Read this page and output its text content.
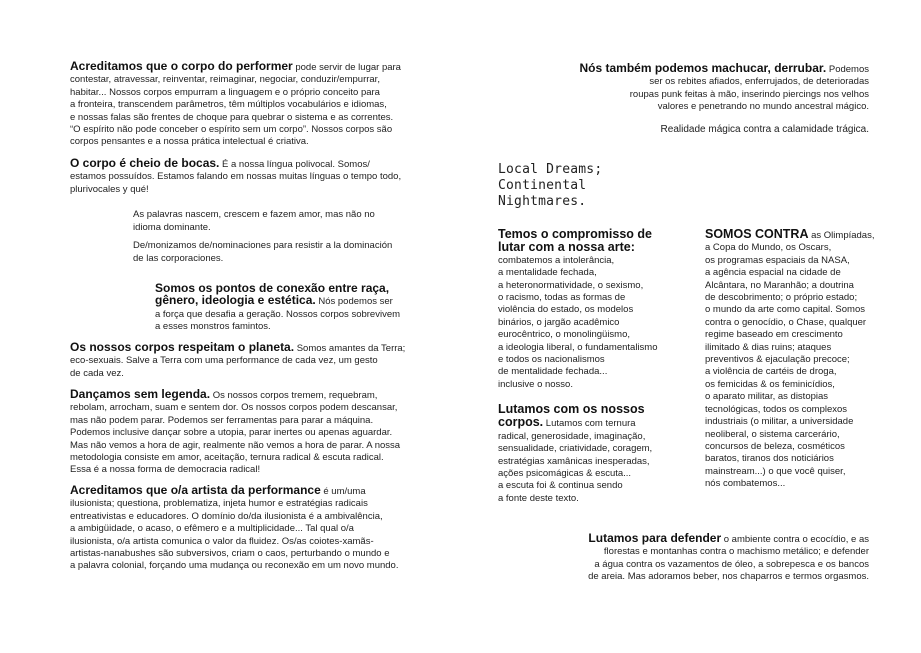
Acreditamos que o corpo do performer pode servir de lugar para

contestar, atravessar, reinventar, reimaginar, negociar, conduzir/empurrar,

habitar... Nossos corpos empurram a linguagem e o próprio conceito para

a fronteira, transcendem parâmetros, têm múltiplos vocabulários e idiomas,

e nossas falas são frentes de choque para quebrar o sistema e as correntes.

“O espírito não pode conceber o espírito sem um corpo”. Nossos corpos são

corpos pensantes e a nossa prática intelectual é criativa.

O corpo é cheio de bocas. É a nossa língua polivocal. Somos/

estamos possuídos. Estamos falando em nossas muitas línguas o tempo todo,

plurivocales y qué!

As palavras nascem, crescem e fazem amor, mas não no

idioma dominante.

De/monizamos de/nominaciones para resistir a la dominación

de las corporaciones.

Somos os pontos de conexão entre raça,

gênero, ideologia e estética. Nós podemos ser

a força que desafia a geração. Nossos corpos sobrevivem

a esses monstros famintos.

Os nossos corpos respeitam o planeta. Somos amantes da Terra;

eco-sexuais. Salve a Terra com uma performance de cada vez, um gesto

de cada vez.

Dançamos sem legenda. Os nossos corpos tremem, requebram,

rebolam, arrocham, suam e sentem dor. Os nossos corpos podem descansar,

mas não podem parar. Podemos ser ferramentas para parar a máquina.

Podemos inclusive dançar sobre a utopia, parar inertes ou apenas aguardar.

Mas não vemos a hora de agir, realmente não vemos a hora de parar. A nossa

metodologia consiste em amor, aceitação, ternura radical & escuta radical.

Essa é a nossa forma de democracia radical!

Acreditamos que o/a artista da performance é um/uma

ilusionista; questiona, problematiza, injeta humor e estratégias radicais

entreativistas e educadores. O domínio do/da ilusionista é a ambivalência,

a ambigüidade, o acaso, o efêmero e a multiplicidade... Tal qual o/a

ilusionista, o/a artista comunica o valor da fluidez. Os/as coiotes-xamãs-

artistas-nanabushes são subversivos, criam o caos, perturbando o mundo e

a palavra colonial, forçando uma mudança ou reconexão em um novo mundo.

Nós também podemos machucar, derrubar. Podemos

ser os rebites afiados, enferrujados, de deterioradas

roupas punk feitas à mão, inserindo piercings nos velhos

valores e penetrando no mundo ancestral mágico.

Realidade mágica contra a calamidade trágica.

Local Dreams;
Continental
Nightmares.

Temos o compromisso de

lutar com a nossa arte:

combatemos a intolerância,

a mentalidade fechada,

a heteronormatividade, o sexismo,

o racismo, todas as formas de

violência do estado, os modelos

binários, o jargão acadêmico

eurocêntrico, o monolingüismo,

a ideologia liberal, o fundamentalismo

e todos os nacionalismos

de mentalidade fechada...

inclusive o nosso.

Lutamos com os nossos

corpos. Lutamos com ternura

radical, generosidade, imaginação,

sensualidade, criatividade, coragem,

estratégias xamânicas inesperadas,

ações psicomágicas & escuta...

a escuta foi & continua sendo

a fonte deste texto.

SOMOS CONTRA as Olimpíadas,

a Copa do Mundo, os Oscars,

os programas espaciais da NASA,

a agência espacial na cidade de

Alcântara, no Maranhão; a doutrina

de descobrimento; o próprio estado;

o mundo da arte como capital. Somos

contra o genocídio, o Chase, qualquer

regime baseado em crescimento

ilimitado & dias ruins; ataques

preventivos & ejaculação precoce;

a violência de cartéis de droga,

os femicidas & os feminicídios,

o aparato militar, as distopias

tecnológicas, todos os complexos

industriais (o militar, a universidade

neoliberal, o sistema carcerário,

concursos de beleza, cosméticos

baratos, tiranos dos noticiários

mainstream...) o que você quiser,

nós combatemos...

Lutamos para defender o ambiente contra o ecocídio, e as

florestas e montanhas contra o machismo metálico; e defender

a água contra os vazamentos de óleo, a sobrepesca e os bancos

de areia. Mas adoramos beber, nos chaparros e termos orgasmos.
